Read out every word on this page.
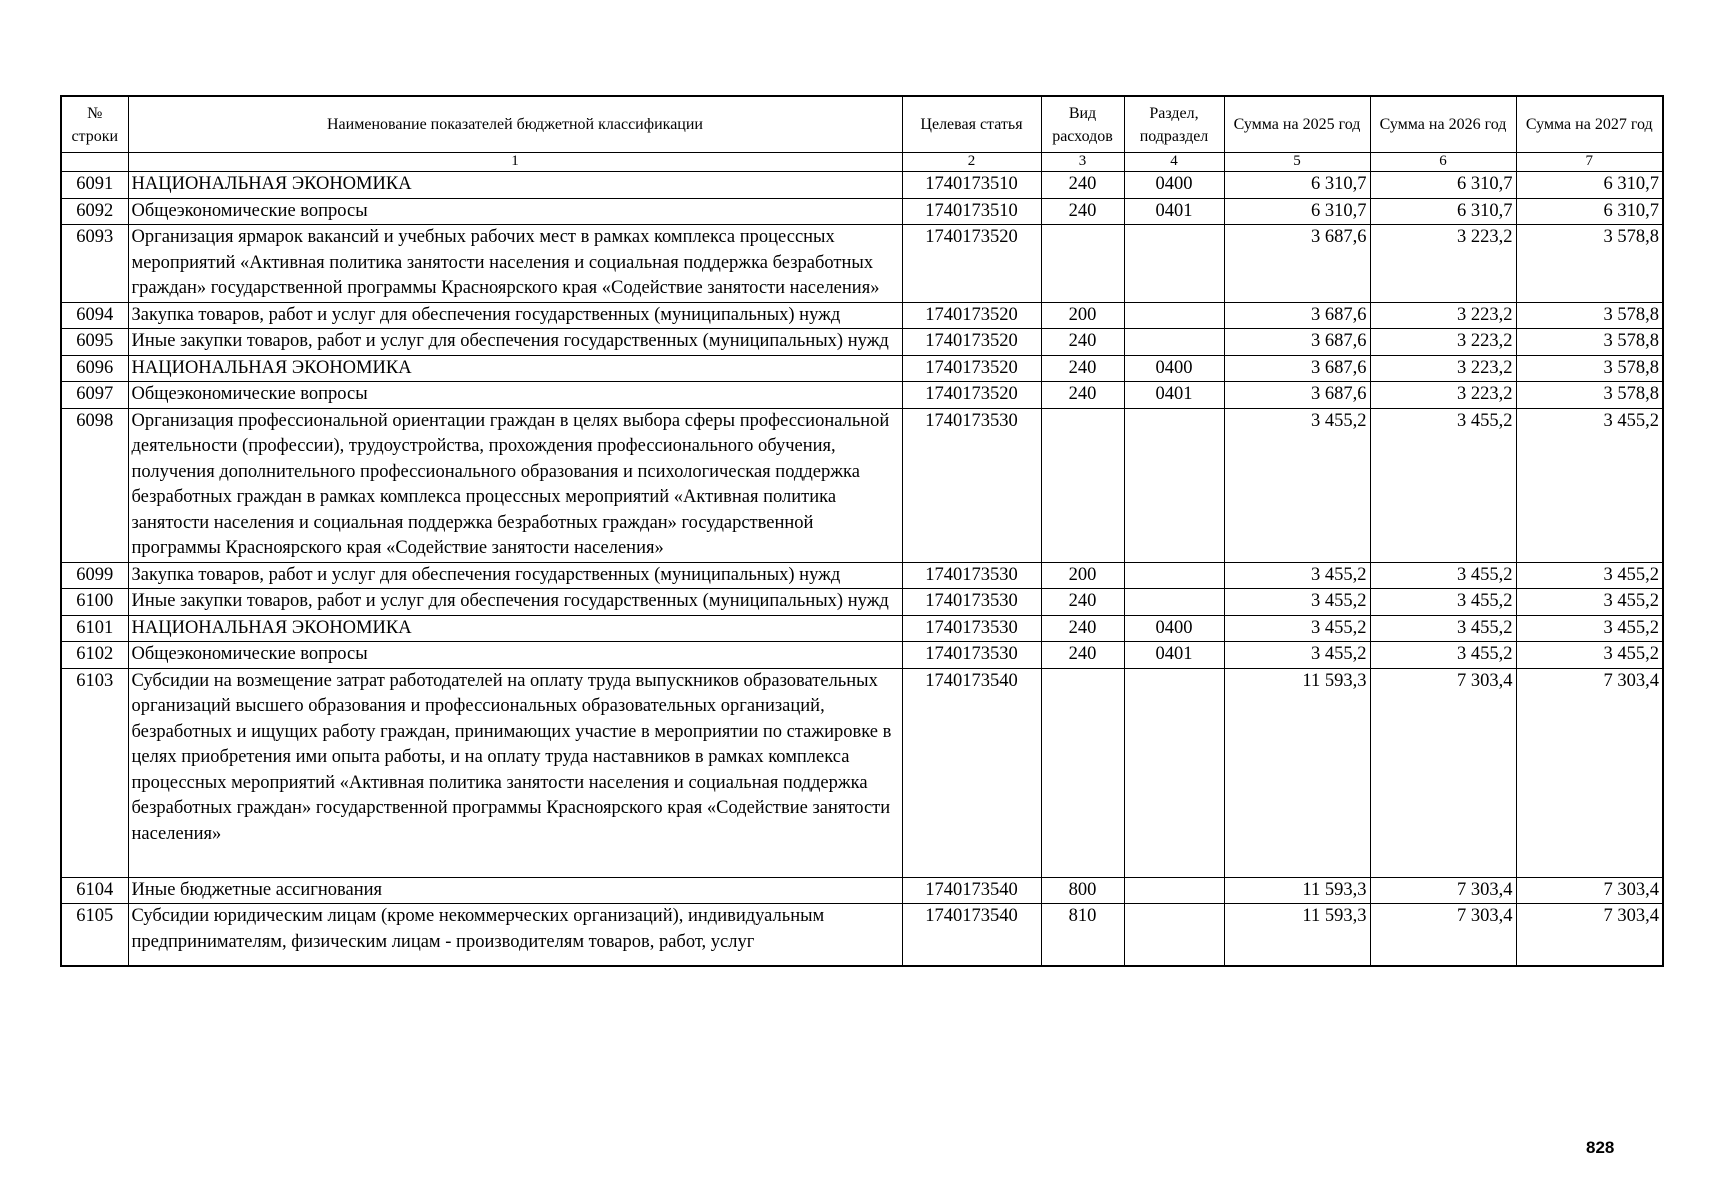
№ строки	Наименование показателей бюджетной классификации	Целевая статья	Вид расходов	Раздел, подраздел	Сумма на 2025 год	Сумма на 2026 год	Сумма на 2027 год
	1	2	3	4	5	6	7
6091	НАЦИОНАЛЬНАЯ ЭКОНОМИКА	1740173510	240	0400	6 310,7	6 310,7	6 310,7
6092	Общеэкономические вопросы	1740173510	240	0401	6 310,7	6 310,7	6 310,7
6093	Организация ярмарок вакансий и учебных рабочих мест в рамках комплекса процессных мероприятий «Активная политика занятости населения и социальная поддержка безработных граждан» государственной программы Красноярского края «Содействие занятости населения»	1740173520			3 687,6	3 223,2	3 578,8
6094	Закупка товаров, работ и услуг для обеспечения государственных (муниципальных) нужд	1740173520	200		3 687,6	3 223,2	3 578,8
6095	Иные закупки товаров, работ и услуг для обеспечения государственных (муниципальных) нужд	1740173520	240		3 687,6	3 223,2	3 578,8
6096	НАЦИОНАЛЬНАЯ ЭКОНОМИКА	1740173520	240	0400	3 687,6	3 223,2	3 578,8
6097	Общеэкономические вопросы	1740173520	240	0401	3 687,6	3 223,2	3 578,8
6098	Организация профессиональной ориентации граждан в целях выбора сферы профессиональной деятельности (профессии), трудоустройства, прохождения профессионального обучения, получения дополнительного профессионального образования и психологическая поддержка безработных граждан в рамках комплекса процессных мероприятий «Активная политика занятости населения и социальная поддержка безработных граждан» государственной программы Красноярского края «Содействие занятости населения»	1740173530			3 455,2	3 455,2	3 455,2
6099	Закупка товаров, работ и услуг для обеспечения государственных (муниципальных) нужд	1740173530	200		3 455,2	3 455,2	3 455,2
6100	Иные закупки товаров, работ и услуг для обеспечения государственных (муниципальных) нужд	1740173530	240		3 455,2	3 455,2	3 455,2
6101	НАЦИОНАЛЬНАЯ ЭКОНОМИКА	1740173530	240	0400	3 455,2	3 455,2	3 455,2
6102	Общеэкономические вопросы	1740173530	240	0401	3 455,2	3 455,2	3 455,2
6103	Субсидии на возмещение затрат работодателей на оплату труда выпускников образовательных организаций высшего образования и профессиональных образовательных организаций, безработных и ищущих работу граждан, принимающих участие в мероприятии по стажировке в целях приобретения ими опыта работы, и на оплату труда наставников в рамках комплекса процессных мероприятий «Активная политика занятости населения и социальная поддержка безработных граждан» государственной программы Красноярского края «Содействие занятости населения»	1740173540			11 593,3	7 303,4	7 303,4
6104	Иные бюджетные ассигнования	1740173540	800		11 593,3	7 303,4	7 303,4
6105	Субсидии юридическим лицам (кроме некоммерческих организаций), индивидуальным предпринимателям, физическим лицам - производителям товаров, работ, услуг	1740173540	810		11 593,3	7 303,4	7 303,4
828
